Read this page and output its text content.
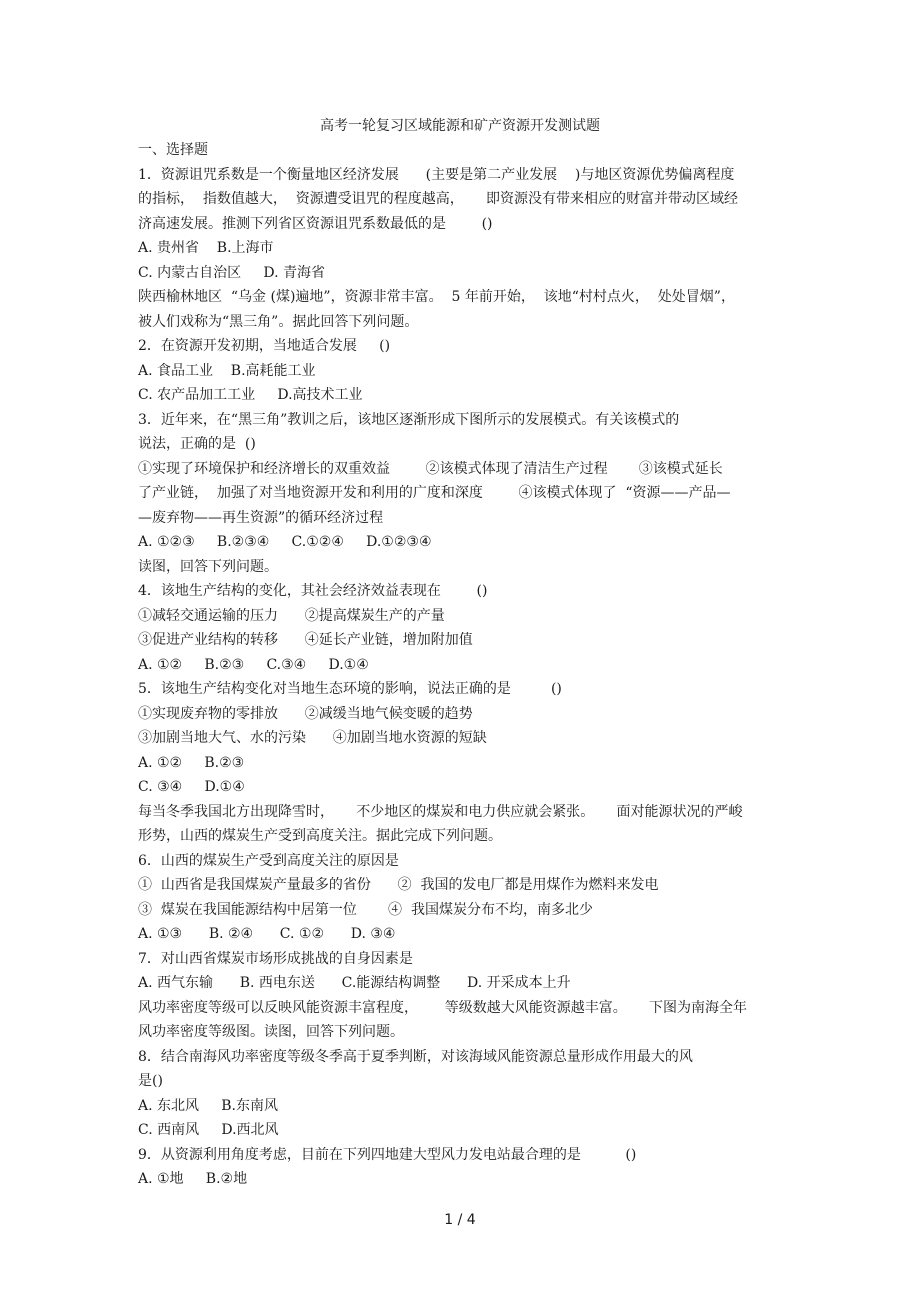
高考一轮复习区域能源和矿产资源开发测试题
一、选择题
1．资源诅咒系数是一个衡量地区经济发展      (主要是第二产业发展    )与地区资源优势偏离程度
的指标，  指数值越大，  资源遭受诅咒的程度越高，     即资源没有带来相应的财富并带动区域经
济高速发展。推测下列省区资源诅咒系数最低的是        ()
A. 贵州省    B.上海市
C. 内蒙古自治区     D. 青海省
陕西榆林地区  “乌金 (煤)遍地”，资源非常丰富。  5 年前开始，  该地“村村点火，  处处冒烟”，
被人们戏称为“黑三角”。据此回答下列问题。
2．在资源开发初期，当地适合发展     ()
A. 食品工业    B.高耗能工业
C. 农产品加工工业     D.高技术工业
3．近年来，在“黑三角”教训之后，该地区逐渐形成下图所示的发展模式。有关该模式的
说法，正确的是  ()
①实现了环境保护和经济增长的双重效益        ②该模式体现了清洁生产过程       ③该模式延长
了产业链，  加强了对当地资源开发和利用的广度和深度        ④该模式体现了  “资源——产品—
—废弃物——再生资源”的循环经济过程
A. ①②③     B.②③④     C.①②④     D.①②③④
读图，回答下列问题。
4．该地生产结构的变化，其社会经济效益表现在        ()
①减轻交通运输的压力      ②提高煤炭生产的产量
③促进产业结构的转移      ④延长产业链，增加附加值
A. ①②     B.②③     C.③④     D.①④
5．该地生产结构变化对当地生态环境的影响，说法正确的是         ()
①实现废弃物的零排放      ②减缓当地气候变暖的趋势
③加剧当地大气、水的污染      ④加剧当地水资源的短缺
A. ①②     B.②③
C. ③④     D.①④
每当冬季我国北方出现降雪时，     不少地区的煤炭和电力供应就会紧张。     面对能源状况的严峻
形势，山西的煤炭生产受到高度关注。据此完成下列问题。
6．山西的煤炭生产受到高度关注的原因是
①  山西省是我国煤炭产量最多的省份      ②  我国的发电厂都是用煤作为燃料来发电
③  煤炭在我国能源结构中居第一位       ④  我国煤炭分布不均，南多北少
A. ①③      B. ②④      C. ①②      D. ③④
7．对山西省煤炭市场形成挑战的自身因素是
A. 西气东输      B. 西电东送      C.能源结构调整      D. 开采成本上升
风功率密度等级可以反映风能资源丰富程度，      等级数越大风能资源越丰富。     下图为南海全年
风功率密度等级图。读图，回答下列问题。
8．结合南海风功率密度等级冬季高于夏季判断，对该海域风能资源总量形成作用最大的风
是()
A. 东北风     B.东南风
C. 西南风     D.西北风
9．从资源利用角度考虑，目前在下列四地建大型风力发电站最合理的是          ()
A. ①地     B.②地
1 / 4
